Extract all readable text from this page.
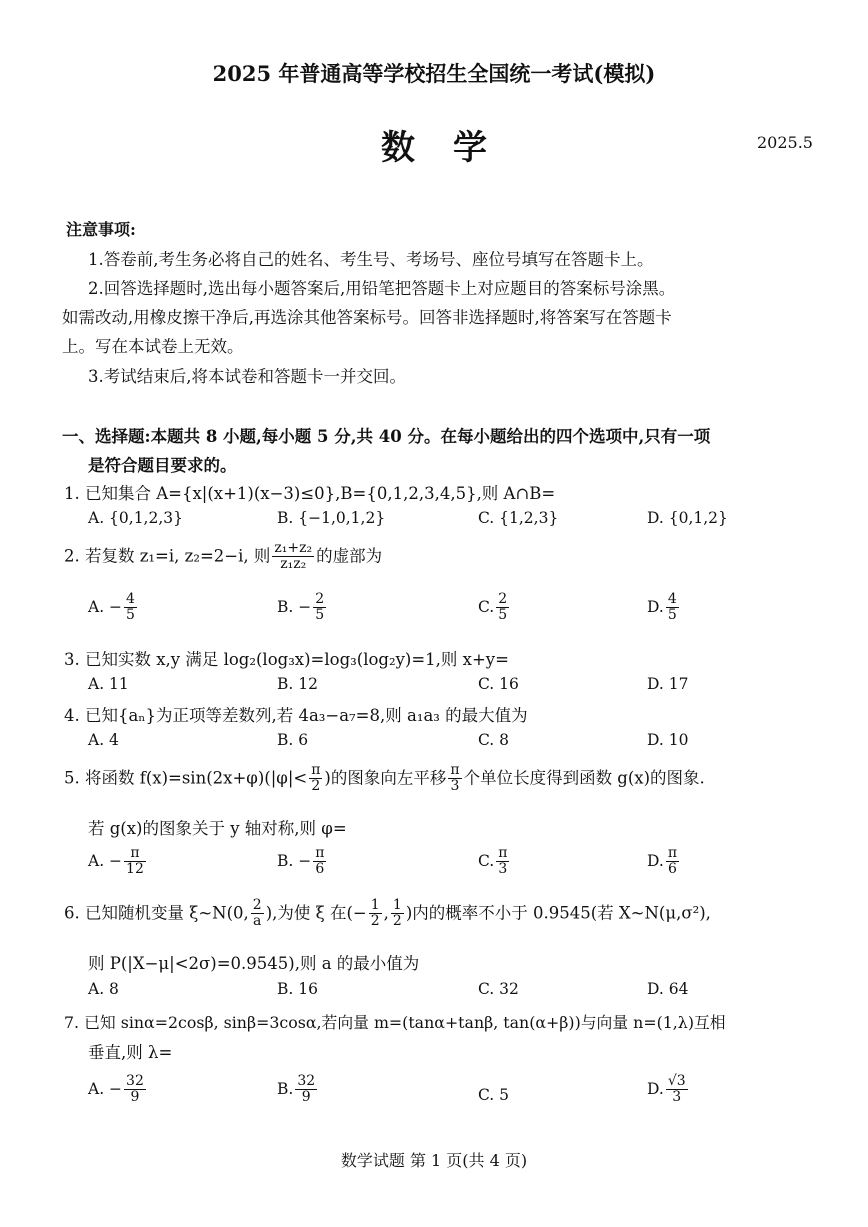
2025 年普通高等学校招生全国统一考试(模拟)
数学	2025.5
注意事项:
1.答卷前,考生务必将自己的姓名、考生号、考场号、座位号填写在答题卡上。
2.回答选择题时,选出每小题答案后,用铅笔把答题卡上对应题目的答案标号涂黑。
如需改动,用橡皮擦干净后,再选涂其他答案标号。回答非选择题时,将答案写在答题卡
上。写在本试卷上无效。
3.考试结束后,将本试卷和答题卡一并交回。
一、选择题:本题共 8 小题,每小题 5 分,共 40 分。在每小题给出的四个选项中,只有一项
是符合题目要求的。
1. 已知集合 A={x|(x+1)(x−3)≤0},B={0,1,2,3,4,5},则 A∩B=
A. {0,1,2,3}	B. {−1,0,1,2}	C. {1,2,3}	D. {0,1,2}
2. 若复数 z₁=i, z₂=2−i, 则 $\frac{\text{z₁+z₂}}{\text{z₁z₂}}$ 的虚部为
A. − $\frac{4}{5}$	B. − $\frac{2}{5}$	C. $\frac{2}{5}$	D. $\frac{4}{5}$
3. 已知实数 x,y 满足 log₂(log₃x)=log₃(log₂y)=1,则 x+y=
A. 11	B. 12	C. 16	D. 17
4. 已知{aₙ}为正项等差数列,若 4a₃−a₇=8,则 a₁a₃ 的最大值为
A. 4	B. 6	C. 8	D. 10
5. 将函数 $f(x)=\sin(2x+\varphi)(|\varphi|< \frac{\pi}{2}$ )的图象向左平移 $\frac{\pi}{3}$ 个单位长度得到函数 g(x)的图象.
若 g(x)的图象关于 y 轴对称,则 φ=
A. − $\frac{\pi}{12}$	B. − $\frac{\pi}{6}$	C. $\frac{\pi}{3}$	D. $\frac{\pi}{6}$
6. 已知随机变量 ξ~N(0, $\frac{2}{a}$ ),为使 ξ 在(− $\frac{1}{2}$ , $\frac{1}{2}$ )内的概率不小于 0.9545(若 X~N(μ,σ²),
则 P(|X−μ|<2σ)=0.9545),则 a 的最小值为
A. 8	B. 16	C. 32	D. 64
7. 已知 sinα=2cosβ, sinβ=3cosα,若向量 m=(tanα+tanβ, tan(α+β))与向量 n=(1,λ)互相
垂直,则 λ=
A. − $\frac{32}{9}$	B. $\frac{32}{9}$	C. 5	D. $\frac{√3}{3}$
数学试题 第 1 页(共 4 页)
